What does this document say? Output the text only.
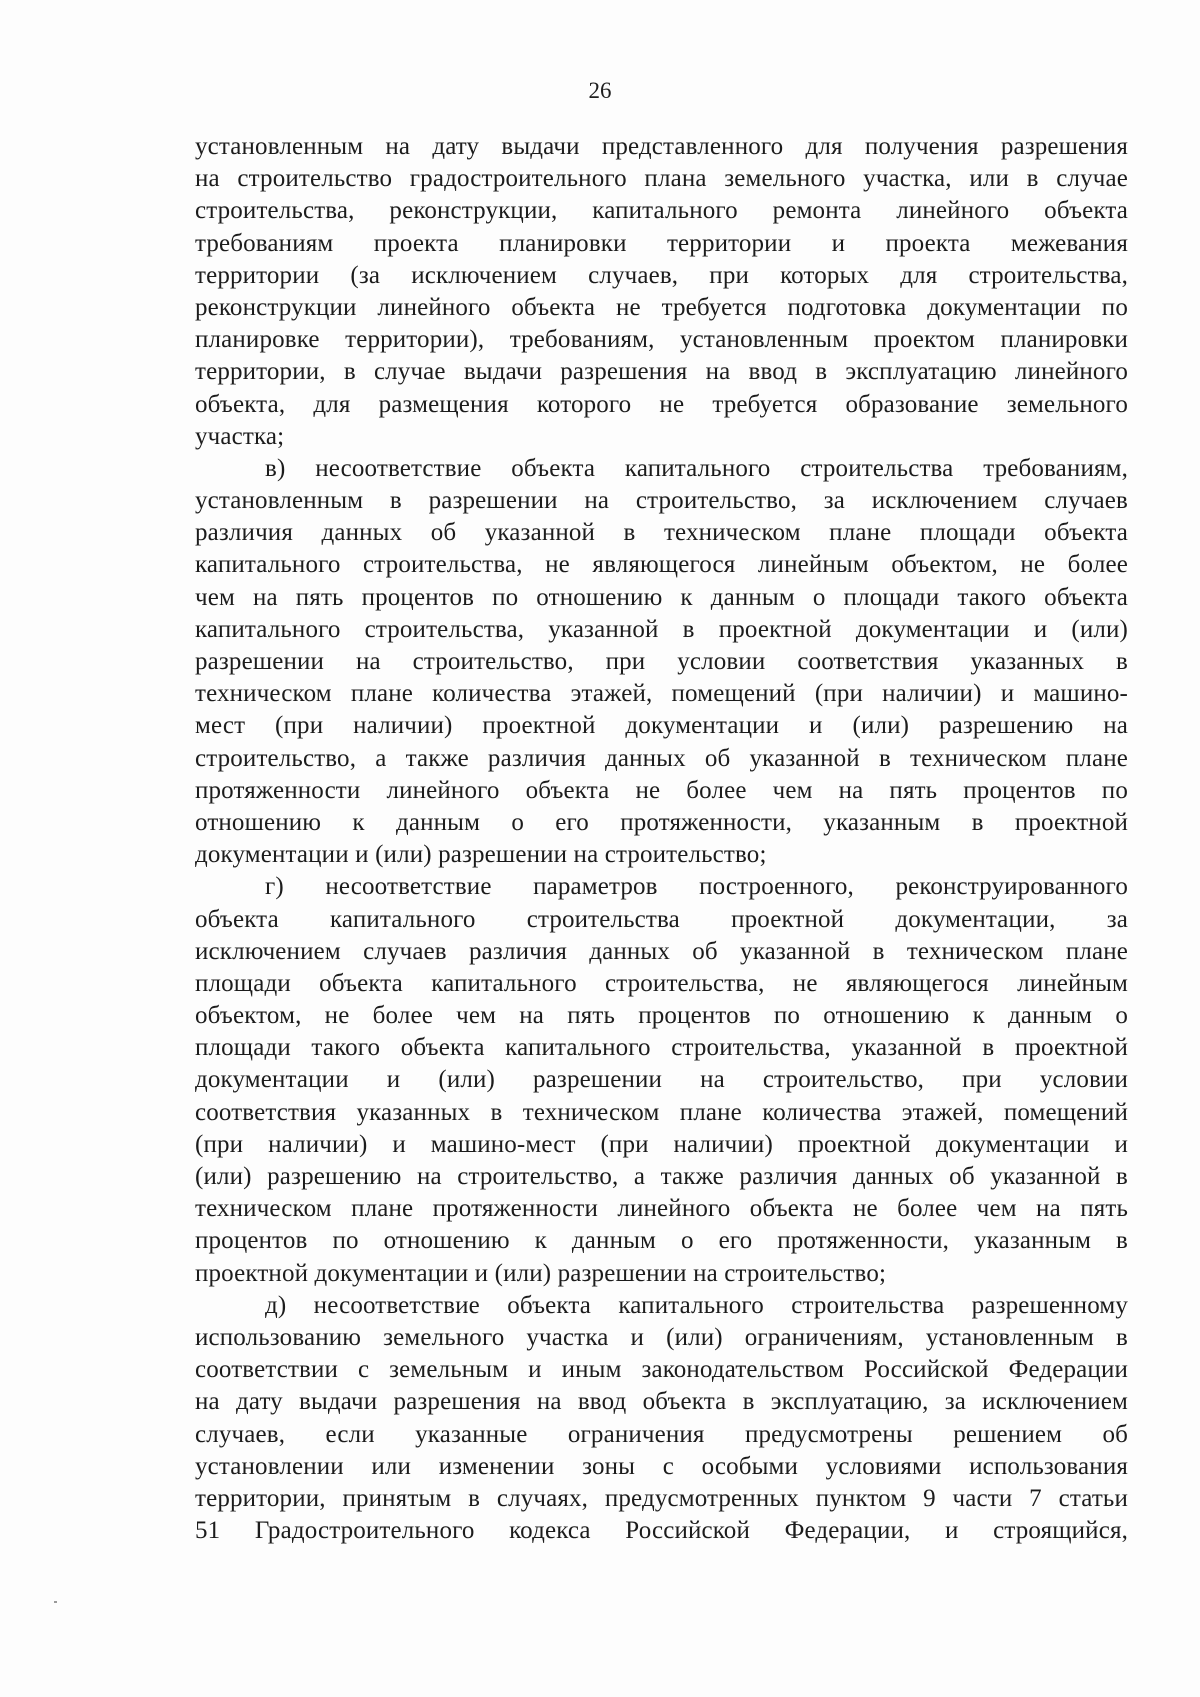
26
установленным на дату выдачи представленного для получения разрешения
на строительство градостроительного плана земельного участка, или в случае
строительства, реконструкции, капитального ремонта линейного объекта
требованиям проекта планировки территории и проекта межевания
территории (за исключением случаев, при которых для строительства,
реконструкции линейного объекта не требуется подготовка документации по
планировке территории), требованиям, установленным проектом планировки
территории, в случае выдачи разрешения на ввод в эксплуатацию линейного
объекта, для размещения которого не требуется образование земельного
участка;
в) несоответствие объекта капитального строительства требованиям,
установленным в разрешении на строительство, за исключением случаев
различия данных об указанной в техническом плане площади объекта
капитального строительства, не являющегося линейным объектом, не более
чем на пять процентов по отношению к данным о площади такого объекта
капитального строительства, указанной в проектной документации и (или)
разрешении на строительство, при условии соответствия указанных в
техническом плане количества этажей, помещений (при наличии) и машино-
мест (при наличии) проектной документации и (или) разрешению на
строительство, а также различия данных об указанной в техническом плане
протяженности линейного объекта не более чем на пять процентов по
отношению к данным о его протяженности, указанным в проектной
документации и (или) разрешении на строительство;
г) несоответствие параметров построенного, реконструированного
объекта капитального строительства проектной документации, за
исключением случаев различия данных об указанной в техническом плане
площади объекта капитального строительства, не являющегося линейным
объектом, не более чем на пять процентов по отношению к данным о
площади такого объекта капитального строительства, указанной в проектной
документации и (или) разрешении на строительство, при условии
соответствия указанных в техническом плане количества этажей, помещений
(при наличии) и машино-мест (при наличии) проектной документации и
(или) разрешению на строительство, а также различия данных об указанной в
техническом плане протяженности линейного объекта не более чем на пять
процентов по отношению к данным о его протяженности, указанным в
проектной документации и (или) разрешении на строительство;
д) несоответствие объекта капитального строительства разрешенному
использованию земельного участка и (или) ограничениям, установленным в
соответствии с земельным и иным законодательством Российской Федерации
на дату выдачи разрешения на ввод объекта в эксплуатацию, за исключением
случаев, если указанные ограничения предусмотрены решением об
установлении или изменении зоны с особыми условиями использования
территории, принятым в случаях, предусмотренных пунктом 9 части 7 статьи
51 Градостроительного кодекса Российской Федерации, и строящийся,
